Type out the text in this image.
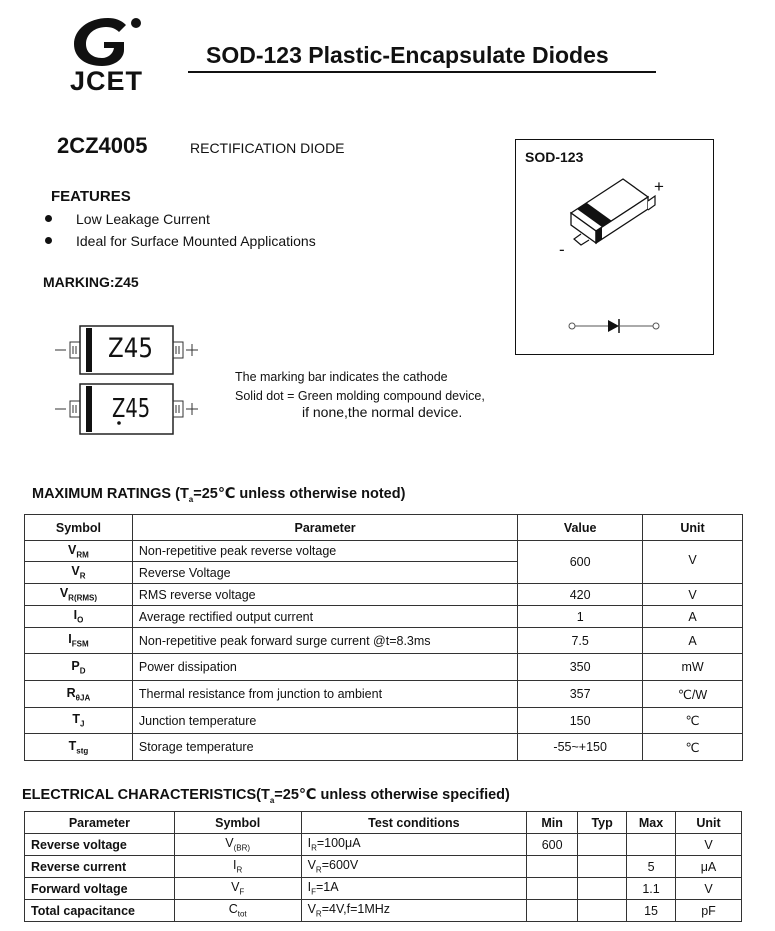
JCET
SOD-123 Plastic-Encapsulate Diodes
2CZ4005	RECTIFICATION DIODE
FEATURES
Low Leakage Current
Ideal for Surface Mounted Applications
MARKING:Z45
Z45
Z45
The marking bar indicates the cathode
Solid dot = Green molding compound device,
if none,the normal device.
SOD-123
+
-
MAXIMUM RATINGS ($T_a=25℃$ unless otherwise noted)
Symbol	Parameter	Value	Unit
$V_{RM}$	Non-repetitive peak reverse voltage	600	V
$V_R$	Reverse Voltage		
$V_{R(RMS)}$	RMS reverse voltage	420	V
$I_O$	Average rectified output current	1	A
$I_{FSM}$	Non-repetitive peak forward surge current @t=8.3ms	7.5	A
$P_D$	Power dissipation	350	mW
$R_{\theta JA}$	Thermal resistance from junction to ambient	357	℃/W
$T_J$	Junction temperature	150	℃
$T_{stg}$	Storage temperature	-55~+150	℃
ELECTRICAL $CHARACTERISTICS(T_a=25℃$ unless otherwise specified)
Parameter	Symbol	Test conditions	Min	Typ	Max	Unit
Reverse voltage	$V_{(BR)}$	$I_R=100\mu A$	600			V
Reverse current	$I_R$	$V_R=600V$			5	μA
Forward voltage	$V_F$	$I_F=1A$			1.1	V
Total capacitance	$C_{tot}$	$V_R=4V,f=1MHz$			15	pF
